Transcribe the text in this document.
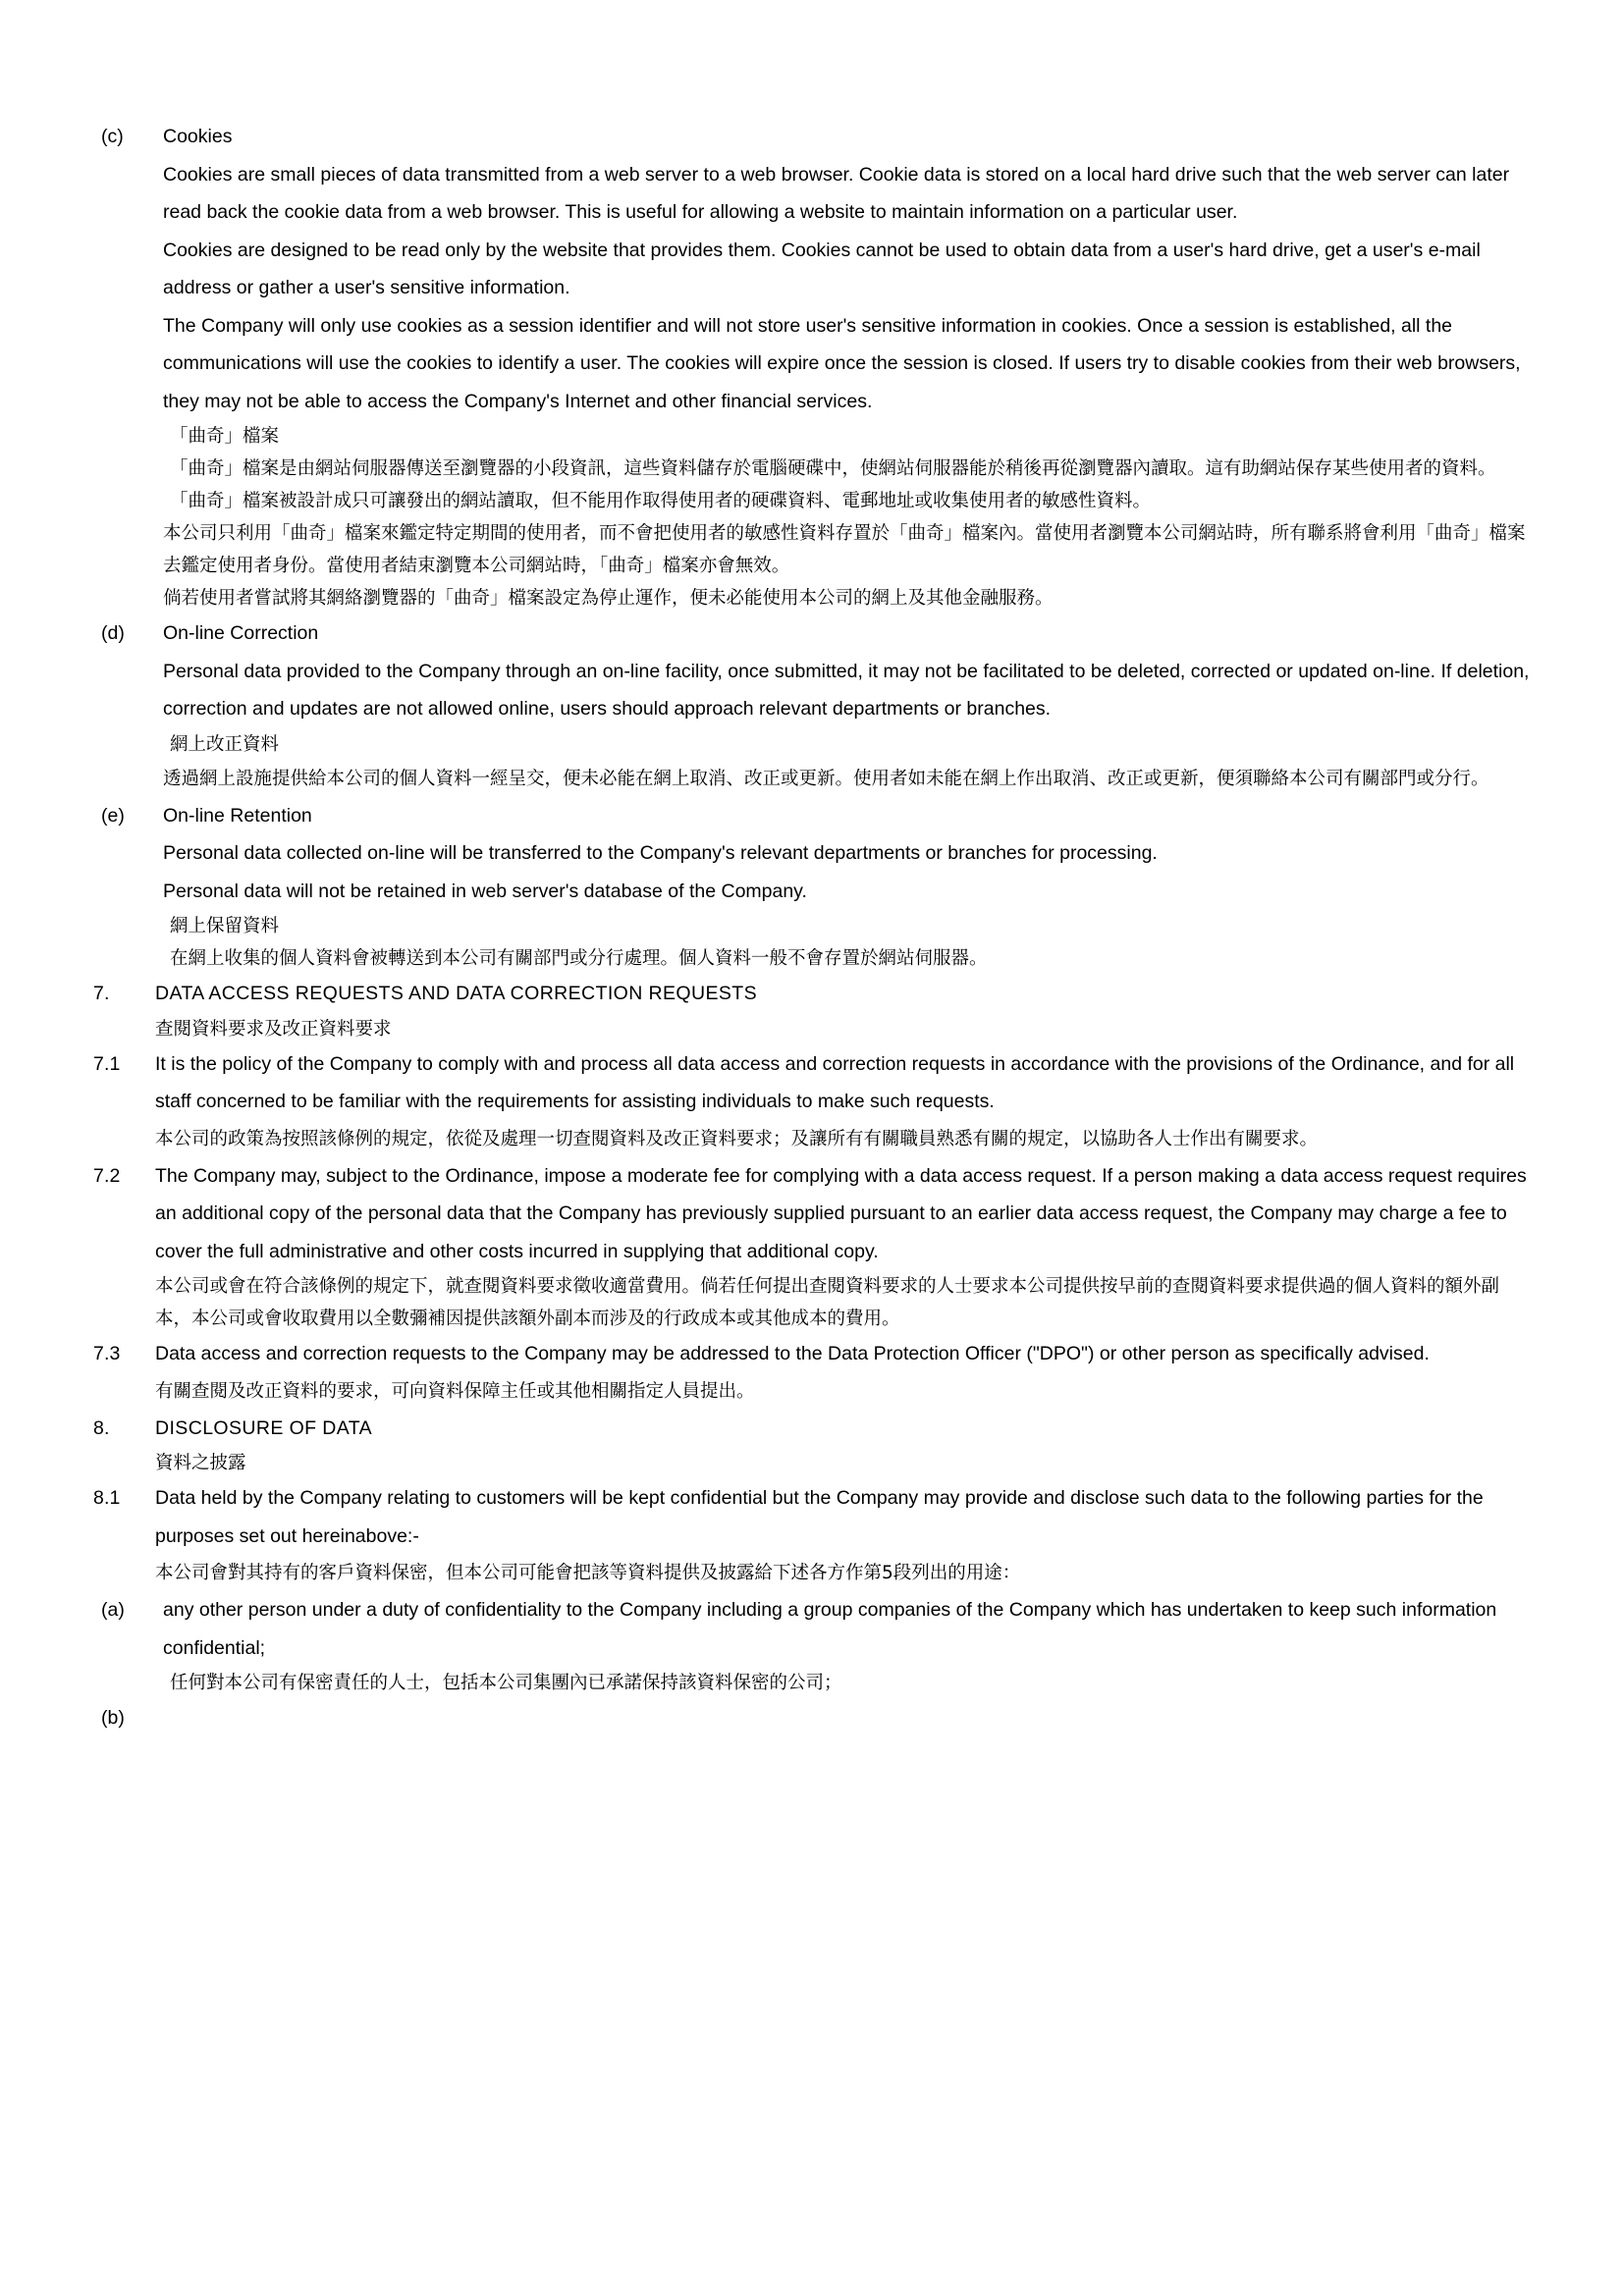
(c)	Cookies
Cookies are small pieces of data transmitted from a web server to a web browser. Cookie data is stored on a local hard drive such that the web server can later read back the cookie data from a web browser. This is useful for allowing a website to maintain information on a particular user.
Cookies are designed to be read only by the website that provides them. Cookies cannot be used to obtain data from a user's hard drive, get a user's e-mail address or gather a user's sensitive information.
The Company will only use cookies as a session identifier and will not store user's sensitive information in cookies. Once a session is established, all the communications will use the cookies to identify a user. The cookies will expire once the session is closed. If users try to disable cookies from their web browsers, they may not be able to access the Company's Internet and other financial services.
「曲奇」檔案
「曲奇」檔案是由網站伺服器傳送至瀏覽器的小段資訊，這些資料儲存於電腦硬碟中，使網站伺服器能於稍後再從瀏覽器內讀取。這有助網站保存某些使用者的資料。
「曲奇」檔案被設計成只可讓發出的網站讀取，但不能用作取得使用者的硬碟資料、電郵地址或收集使用者的敏感性資料。
本公司只利用「曲奇」檔案來鑑定特定期間的使用者，而不會把使用者的敏感性資料存置於「曲奇」檔案內。當使用者瀏覽本公司網站時，所有聯系將會利用「曲奇」檔案去鑑定使用者身份。當使用者結束瀏覽本公司網站時，「曲奇」檔案亦會無效。
倘若使用者嘗試將其網絡瀏覽器的「曲奇」檔案設定為停止運作，便未必能使用本公司的網上及其他金融服務。
(d)	On-line Correction
Personal data provided to the Company through an on-line facility, once submitted, it may not be facilitated to be deleted, corrected or updated on-line. If deletion, correction and updates are not allowed online, users should approach relevant departments or branches.
網上改正資料
透過網上設施提供給本公司的個人資料一經呈交，便未必能在網上取消、改正或更新。使用者如未能在網上作出取消、改正或更新，便須聯絡本公司有關部門或分行。
(e)	On-line Retention
Personal data collected on-line will be transferred to the Company's relevant departments or branches for processing.
Personal data will not be retained in web server's database of the Company.
網上保留資料
在網上收集的個人資料會被轉送到本公司有關部門或分行處理。個人資料一般不會存置於網站伺服器。
7.	DATA ACCESS REQUESTS AND DATA CORRECTION REQUESTS
查閱資料要求及改正資料要求
7.1	It is the policy of the Company to comply with and process all data access and correction requests in accordance with the provisions of the Ordinance, and for all staff concerned to be familiar with the requirements for assisting individuals to make such requests.
本公司的政策為按照該條例的規定，依從及處理一切查閱資料及改正資料要求；及讓所有有關職員熟悉有關的規定，以協助各人士作出有關要求。
7.2	The Company may, subject to the Ordinance, impose a moderate fee for complying with a data access request. If a person making a data access request requires an additional copy of the personal data that the Company has previously supplied pursuant to an earlier data access request, the Company may charge a fee to cover the full administrative and other costs incurred in supplying that additional copy.
本公司或會在符合該條例的規定下，就查閱資料要求徵收適當費用。倘若任何提出查閱資料要求的人士要求本公司提供按早前的查閱資料要求提供過的個人資料的額外副本，本公司或會收取費用以全數彌補因提供該額外副本而涉及的行政成本或其他成本的費用。
7.3	Data access and correction requests to the Company may be addressed to the Data Protection Officer ("DPO") or other person as specifically advised.
有關查閱及改正資料的要求，可向資料保障主任或其他相關指定人員提出。
8.	DISCLOSURE OF DATA
資料之披露
8.1	Data held by the Company relating to customers will be kept confidential but the Company may provide and disclose such data to the following parties for the purposes set out hereinabove:-
本公司會對其持有的客戶資料保密，但本公司可能會把該等資料提供及披露給下述各方作第5段列出的用途：
(a)	any other person under a duty of confidentiality to the Company including a group companies of the Company which has undertaken to keep such information confidential;
任何對本公司有保密責任的人士，包括本公司集團內已承諾保持該資料保密的公司；
(b)
